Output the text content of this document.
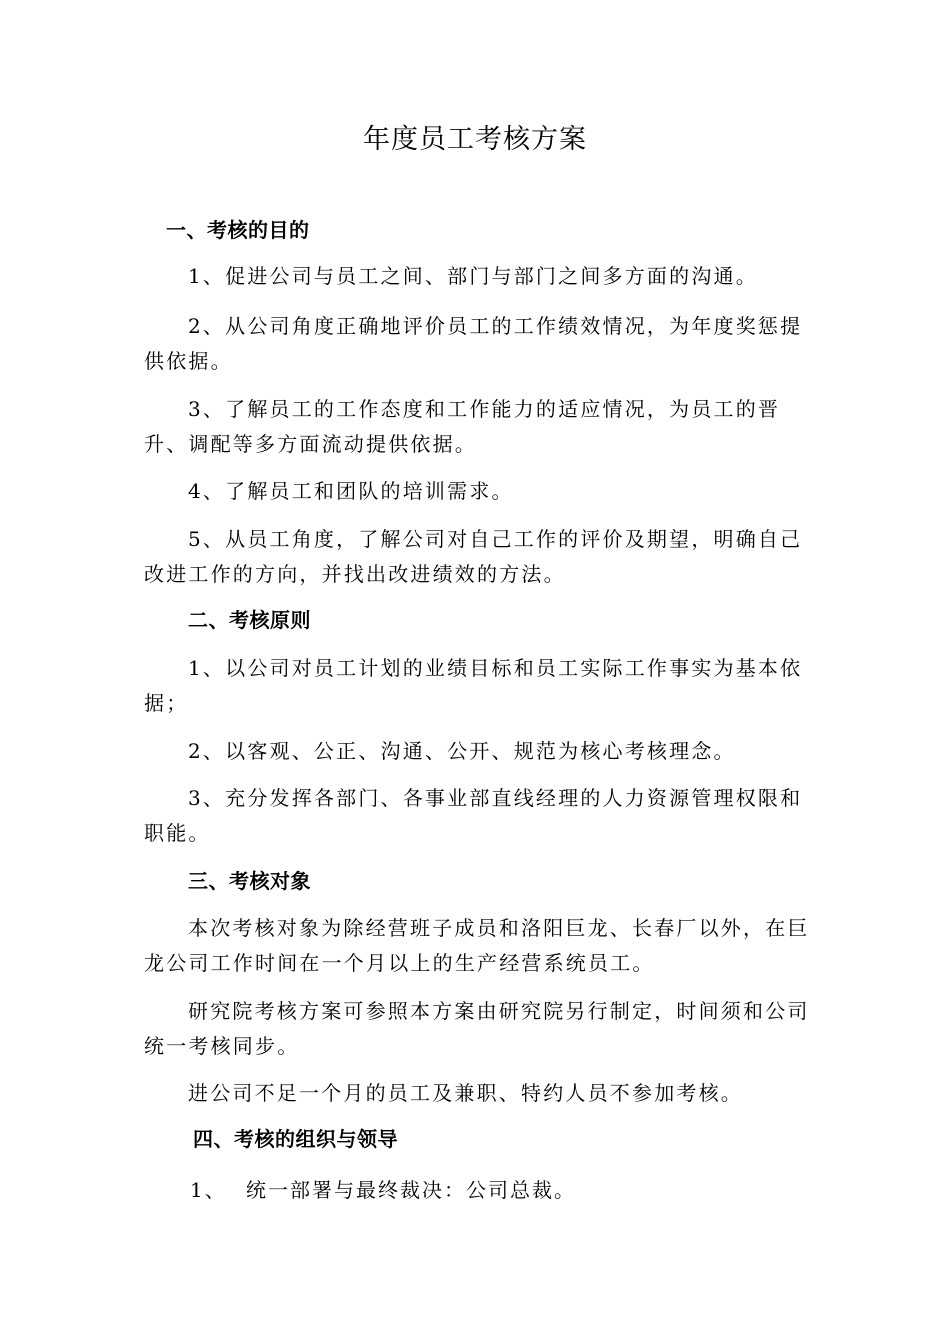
年度员工考核方案
一、考核的目的
1、促进公司与员工之间、部门与部门之间多方面的沟通。
2、从公司角度正确地评价员工的工作绩效情况，为年度奖惩提供依据。
3、了解员工的工作态度和工作能力的适应情况，为员工的晋升、调配等多方面流动提供依据。
4、了解员工和团队的培训需求。
5、从员工角度，了解公司对自己工作的评价及期望，明确自己改进工作的方向，并找出改进绩效的方法。
二、考核原则
1、以公司对员工计划的业绩目标和员工实际工作事实为基本依据；
2、以客观、公正、沟通、公开、规范为核心考核理念。
3、充分发挥各部门、各事业部直线经理的人力资源管理权限和职能。
三、考核对象
本次考核对象为除经营班子成员和洛阳巨龙、长春厂以外，在巨龙公司工作时间在一个月以上的生产经营系统员工。
研究院考核方案可参照本方案由研究院另行制定，时间须和公司统一考核同步。
进公司不足一个月的员工及兼职、特约人员不参加考核。
四、考核的组织与领导
1、 统一部署与最终裁决：公司总裁。
